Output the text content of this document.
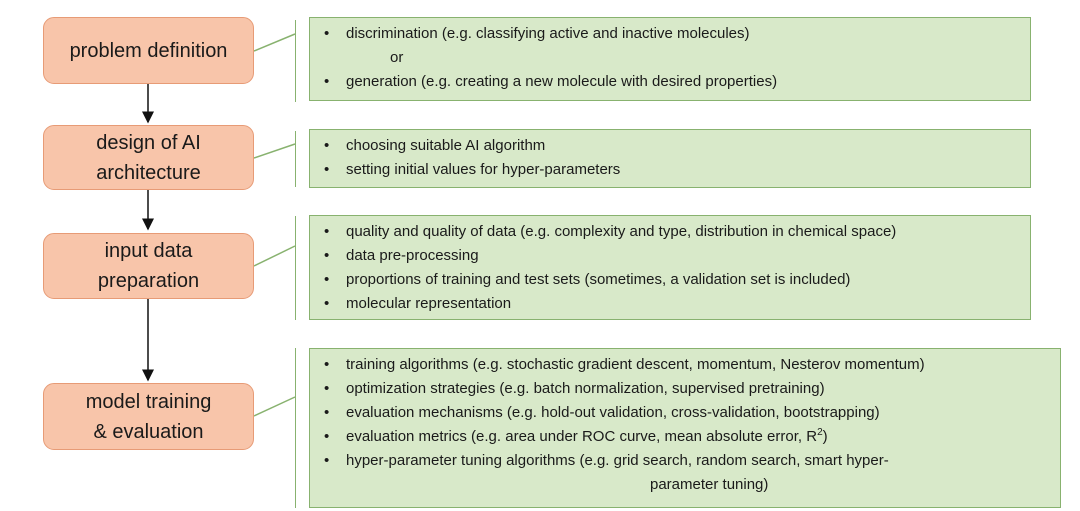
problem definition
design of AI
architecture
input data
preparation
model training
& evaluation
• discrimination (e.g. classifying active and inactive molecules)
or
• generation (e.g. creating a new molecule with desired properties)
• choosing suitable AI algorithm
• setting initial values for hyper-parameters
• quality and quality of data (e.g. complexity and type, distribution in chemical space)
• data pre-processing
• proportions of training and test sets (sometimes, a validation set is included)
• molecular representation
• training algorithms (e.g. stochastic gradient descent, momentum, Nesterov momentum)
• optimization strategies (e.g. batch normalization, supervised pretraining)
• evaluation mechanisms (e.g. hold-out validation, cross-validation, bootstrapping)
• evaluation metrics (e.g. area under ROC curve, mean absolute error, $R^2$)
• hyper-parameter tuning algorithms (e.g. grid search, random search, smart hyper-
parameter tuning)
